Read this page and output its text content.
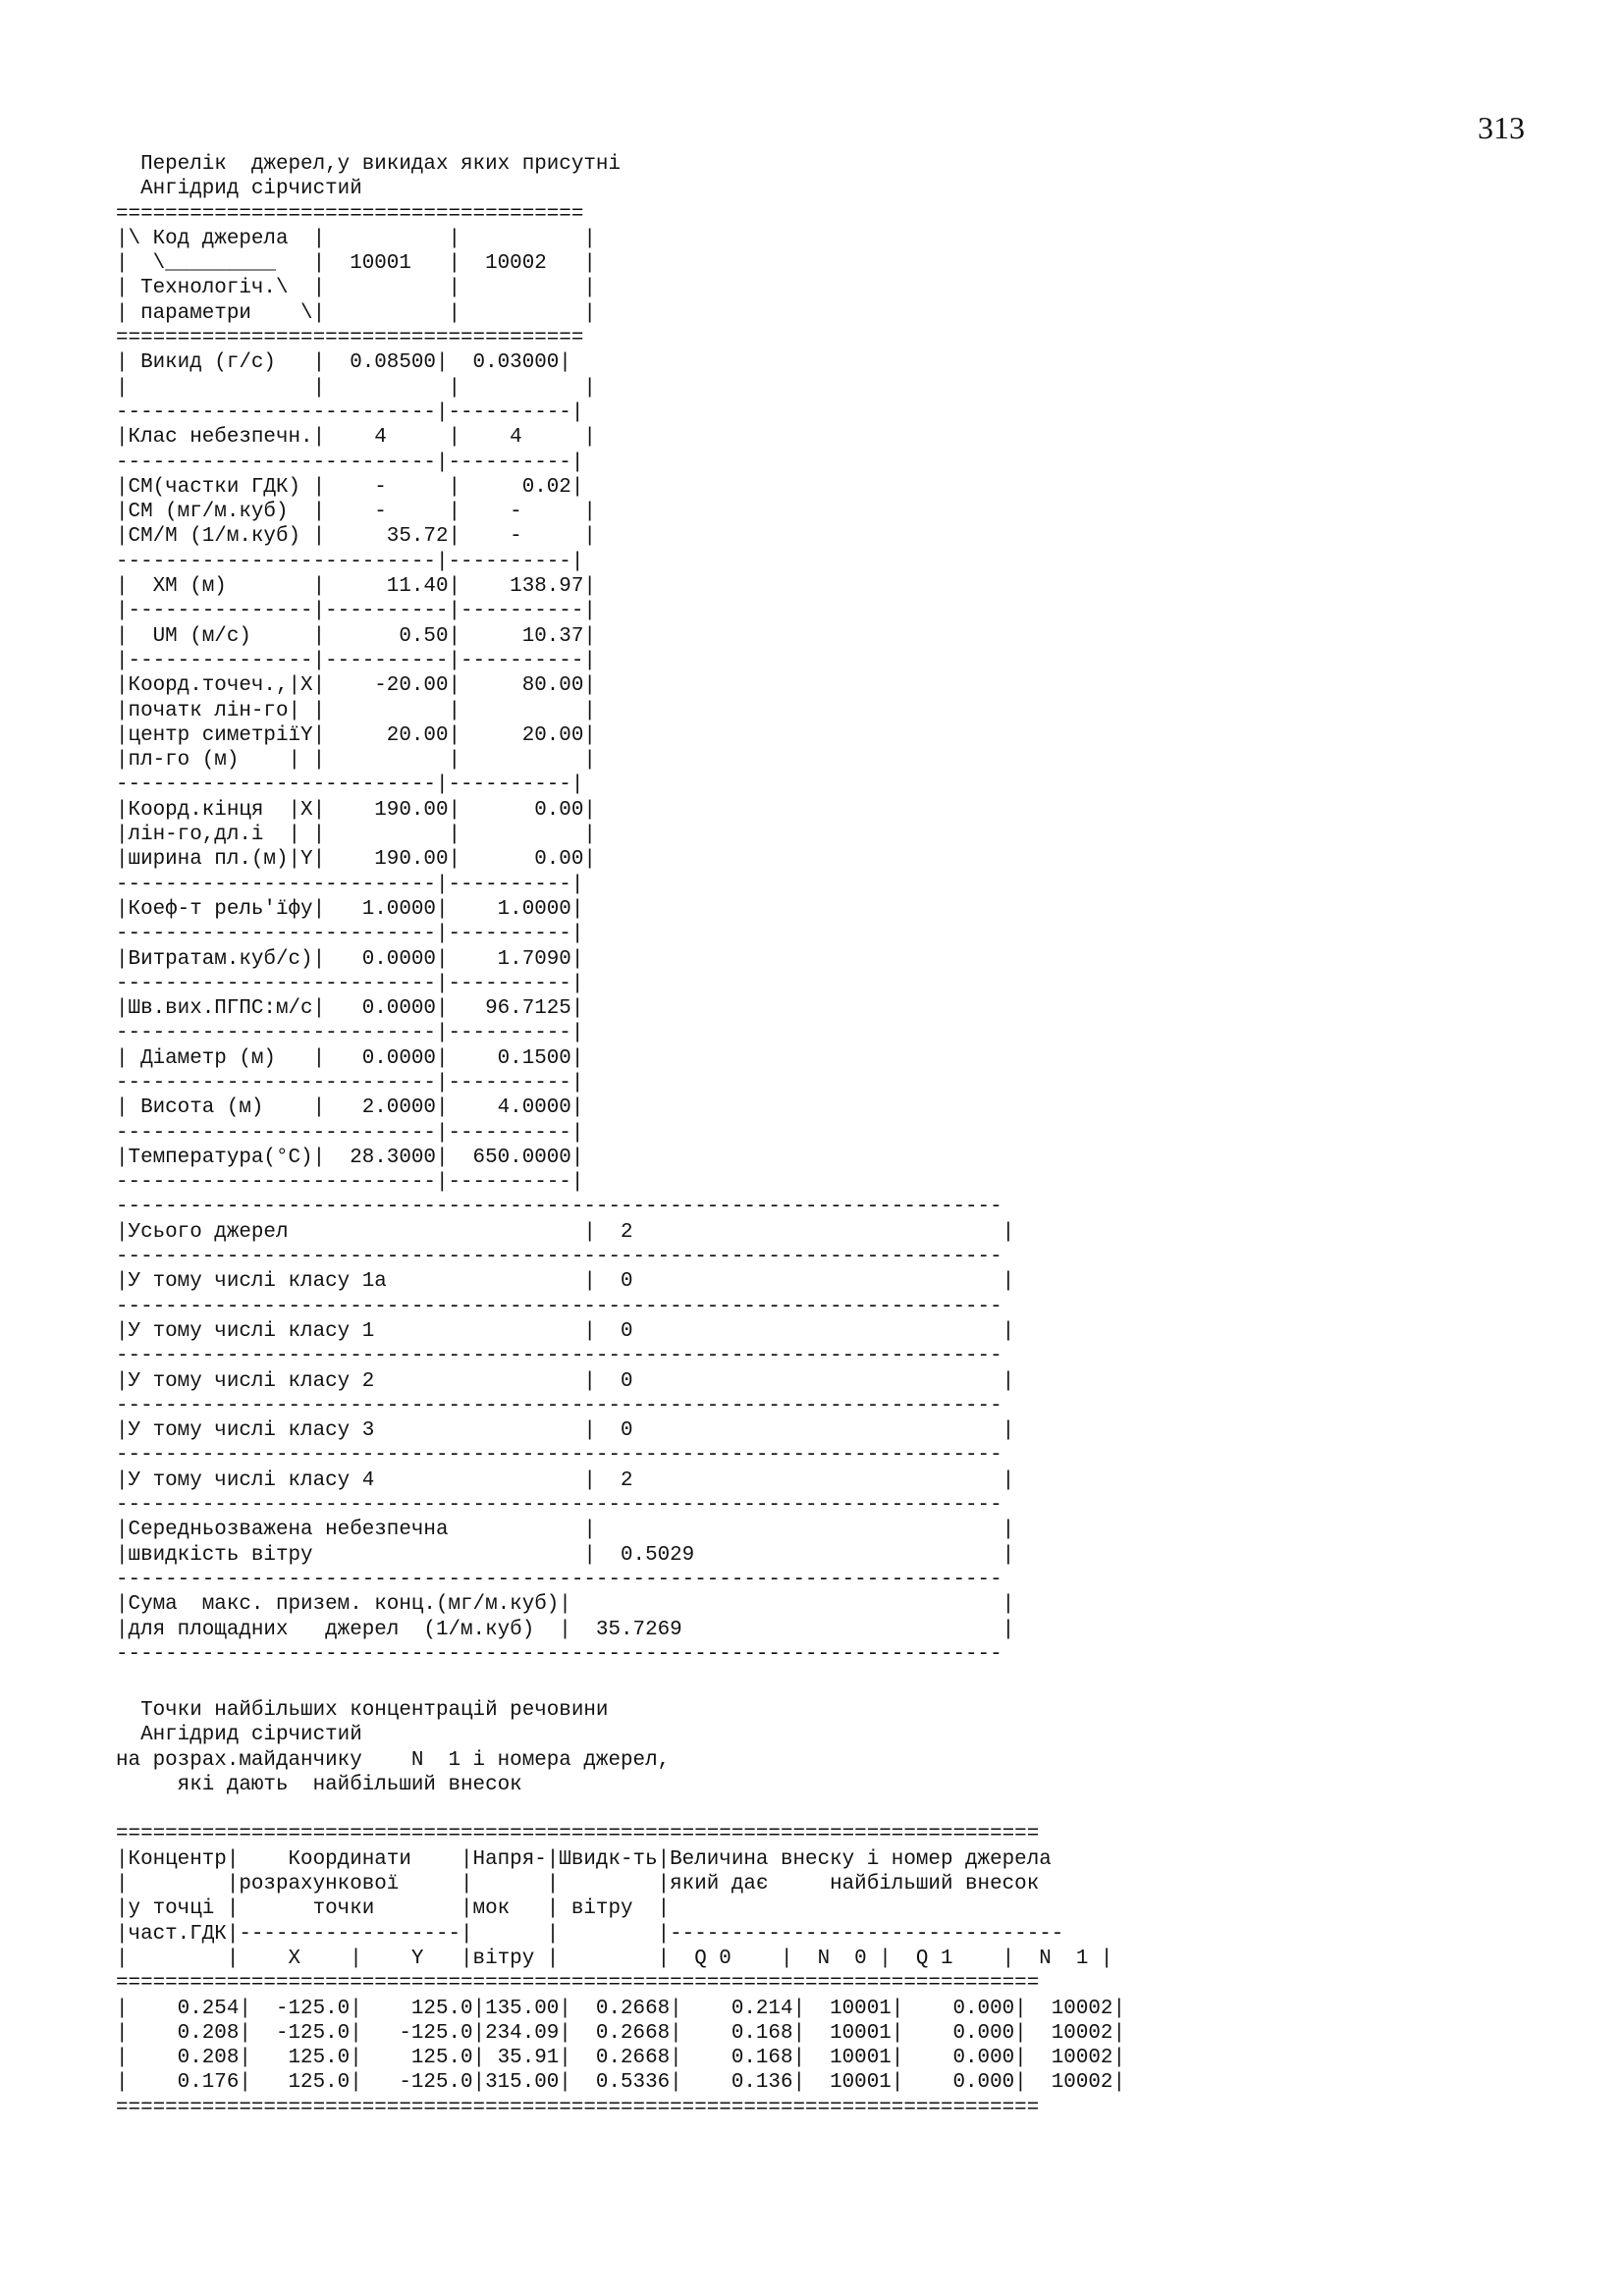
313
Перелік  джерел,у викидах яких присутні
Ангідрид сірчистий
======================================
|\ Код джерела  |          |          |
|  \_________   |  10001   |  10002   |
| Технологіч.\  |          |          |
| параметри    \|          |          |
======================================
| Викид (г/с)   |  0.08500|  0.03000|
|               |          |          |
--------------------------|----------|
|Клас небезпечн.|    4     |    4     |
--------------------------|----------|
|СМ(частки ГДК) |    -     |     0.02|
|СМ (мг/м.куб)  |    -     |    -     |
|СМ/М (1/м.куб) |     35.72|    -     |
--------------------------|----------|
|  ХМ (м)       |     11.40|    138.97|
|---------------|----------|----------|
|  UM (м/с)     |      0.50|     10.37|
|---------------|----------|----------|
|Коорд.точеч.,|Х|    -20.00|     80.00|
|початк лін-го| |          |          |
|центр симетріїY|     20.00|     20.00|
|пл-го (м)    | |          |          |
--------------------------|----------|
|Коорд.кінця  |Х|    190.00|      0.00|
|лін-го,дл.і  | |          |          |
|ширина пл.(м)|Y|    190.00|      0.00|
--------------------------|----------|
|Коеф-т рель'їфу|   1.0000|    1.0000|
--------------------------|----------|
|Витратам.куб/с)|   0.0000|    1.7090|
--------------------------|----------|
|Шв.вих.ПГПС:м/с|   0.0000|   96.7125|
--------------------------|----------|
| Діаметр (м)   |   0.0000|    0.1500|
--------------------------|----------|
| Висота (м)    |   2.0000|    4.0000|
--------------------------|----------|
|Температура(°С)|  28.3000|  650.0000|
--------------------------|----------|
------------------------------------------------------------------------
|Усього джерел                        |  2                              |
------------------------------------------------------------------------
|У тому числі класу 1а                |  0                              |
------------------------------------------------------------------------
|У тому числі класу 1                 |  0                              |
------------------------------------------------------------------------
|У тому числі класу 2                 |  0                              |
------------------------------------------------------------------------
|У тому числі класу 3                 |  0                              |
------------------------------------------------------------------------
|У тому числі класу 4                 |  2                              |
------------------------------------------------------------------------
|Середньозважена небезпечна           |                                 |
|швидкість вітру                      |  0.5029                         |
------------------------------------------------------------------------
|Сума  макс. призем. конц.(мг/м.куб)|                                   |
|для площадних   джерел  (1/м.куб)  |  35.7269                          |
------------------------------------------------------------------------
Точки найбільших концентрацій речовини
Ангідрид сірчистий
на розрах.майданчику    N  1 і номера джерел,
які дають  найбільший внесок

===========================================================================
|Концентр|    Координати    |Напря-|Швидк-ть|Величина внеску і номер джерела
|        |розрахункової     |      |        |який дає     найбільший внесок
|у точці |      точки       |мок   | вітру  |
|част.ГДК|------------------|      |        |--------------------------------
|        |    X    |    Y   |вітру |        |  Q 0    |  N  0 |  Q 1    |  N  1 |
===========================================================================
|    0.254|  -125.0|    125.0|135.00|  0.2668|    0.214|  10001|    0.000|  10002|
|    0.208|  -125.0|   -125.0|234.09|  0.2668|    0.168|  10001|    0.000|  10002|
|    0.208|   125.0|    125.0| 35.91|  0.2668|    0.168|  10001|    0.000|  10002|
|    0.176|   125.0|   -125.0|315.00|  0.5336|    0.136|  10001|    0.000|  10002|
===========================================================================
